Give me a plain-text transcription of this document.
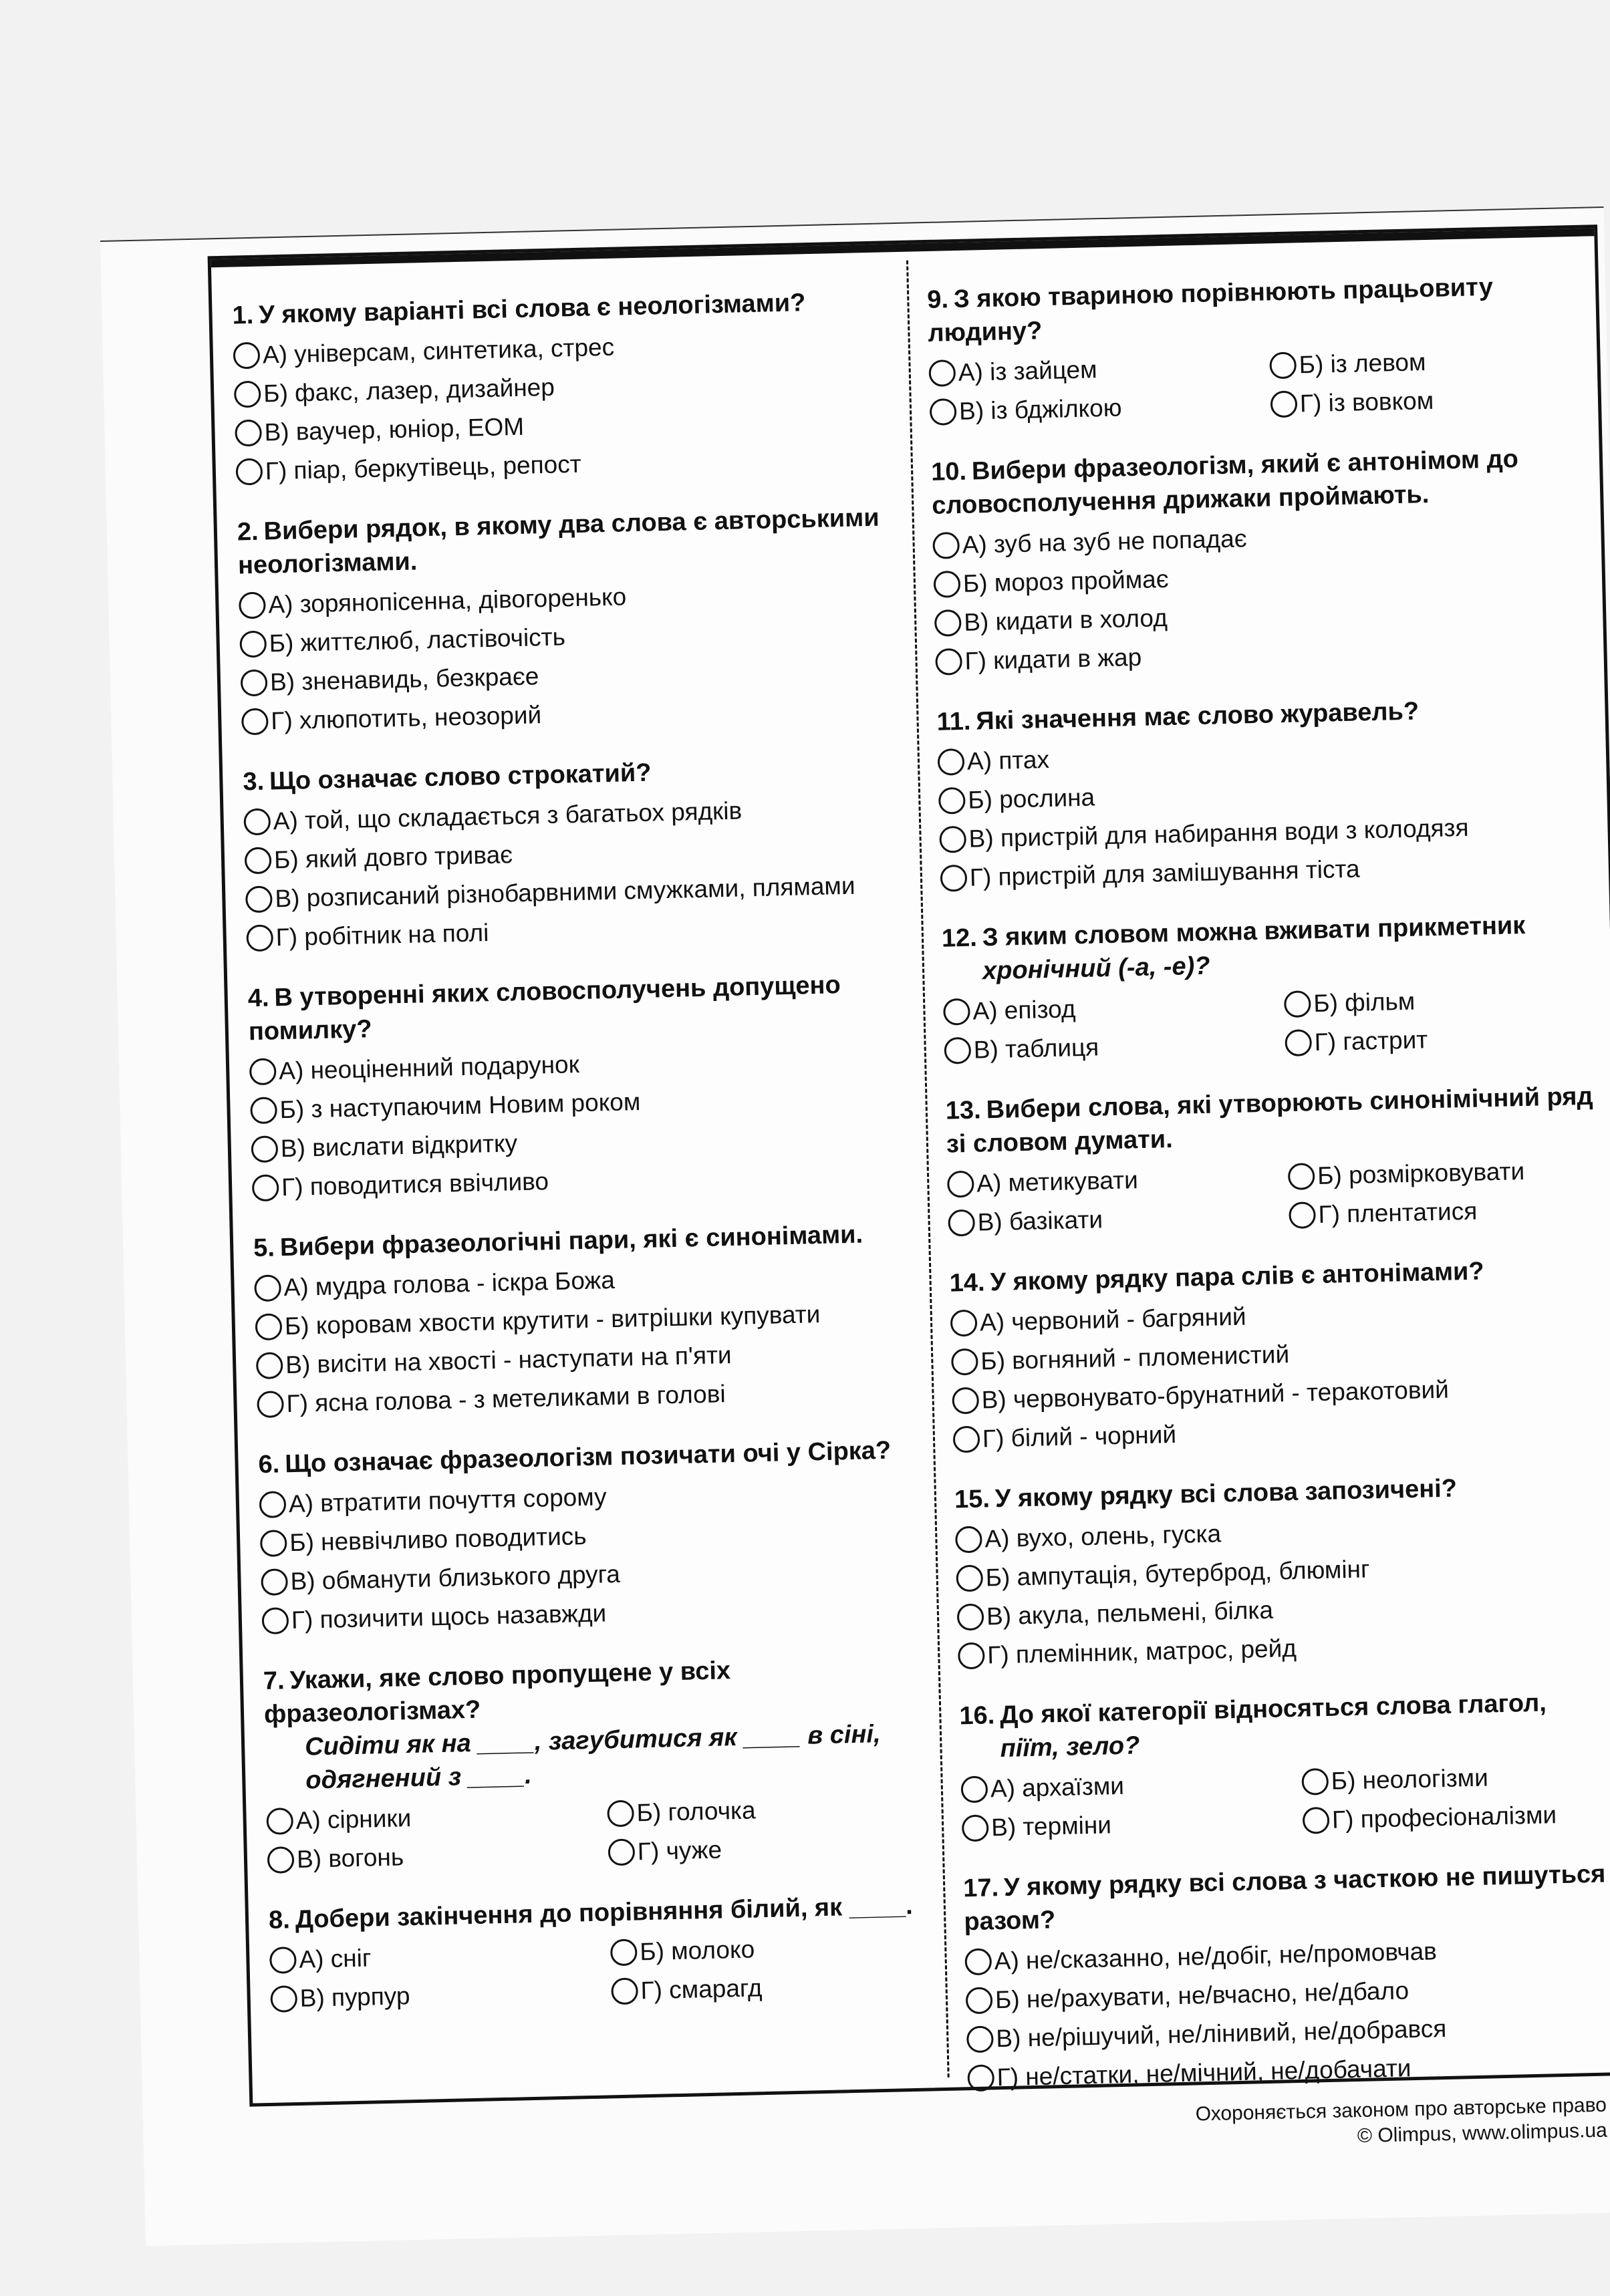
1. У якому варіанті всі слова є неологізмами?
А) універсам, синтетика, стрес
Б) факс, лазер, дизайнер
В) ваучер, юніор, ЕОМ
Г) піар, беркутівець, репост
2. Вибери рядок, в якому два слова є авторськими неологізмами.
А) зорянопісенна, дівогоренько
Б) життєлюб, ластівочість
В) зненавидь, безкраєе
Г) хлюпотить, неозорий
3. Що означає слово строкатий?
А) той, що складається з багатьох рядків
Б) який довго триває
В) розписаний різнобарвними смужками, плямами
Г) робітник на полі
4. В утворенні яких словосполучень допущено помилку?
А) неоціненний подарунок
Б) з наступаючим Новим роком
В) вислати відкритку
Г) поводитися ввічливо
5. Вибери фразеологічні пари, які є синонімами.
А) мудра голова - іскра Божа
Б) коровам хвости крутити - витрішки купувати
В) висіти на хвості - наступати на п'яти
Г) ясна голова - з метеликами в голові
6. Що означає фразеологізм позичати очі у Сірка?
А) втратити почуття сорому
Б) неввічливо поводитись
В) обманути близького друга
Г) позичити щось назавжди
7. Укажи, яке слово пропущене у всіх фразеологізмах?
Сидіти як на ____, загубитися як ____ в сіні,
одягнений з ____.
А) сірники	Б) голочка
В) вогонь	Г) чуже
8. Добери закінчення до порівняння білий, як ____.
А) сніг	Б) молоко
В) пурпур	Г) смарагд
9. З якою твариною порівнюють працьовиту людину?
А) із зайцем	Б) із левом
В) із бджілкою	Г) із вовком
10. Вибери фразеологізм, який є антонімом до словосполучення дрижаки проймають.
А) зуб на зуб не попадає
Б) мороз проймає
В) кидати в холод
Г) кидати в жар
11. Які значення має слово журавель?
А) птах
Б) рослина
В) пристрій для набирання води з колодязя
Г) пристрій для замішування тіста
12. З яким словом можна вживати прикметник
хронічний (-а, -е)?
А) епізод	Б) фільм
В) таблиця	Г) гастрит
13. Вибери слова, які утворюють синонімічний ряд зі словом думати.
А) метикувати	Б) розмірковувати
В) базікати	Г) плентатися
14. У якому рядку пара слів є антонімами?
А) червоний - багряний
Б) вогняний - пломенистий
В) червонувато-брунатний - теракотовий
Г) білий - чорний
15. У якому рядку всі слова запозичені?
А) вухо, олень, гуска
Б) ампутація, бутерброд, блюмінг
В) акула, пельмені, білка
Г) племінник, матрос, рейд
16. До якої категорії відносяться слова глагол,
піїт, зело?
А) архаїзми	Б) неологізми
В) терміни	Г) професіоналізми
17. У якому рядку всі слова з часткою не пишуться разом?
А) не/сказанно, не/добіг, не/промовчав
Б) не/рахувати, не/вчасно, не/дбало
В) не/рішучий, не/лінивий, не/добрався
Г) не/статки, не/мічний, не/добачати
Охороняється законом про авторське право
© Olimpus, www.olimpus.ua
